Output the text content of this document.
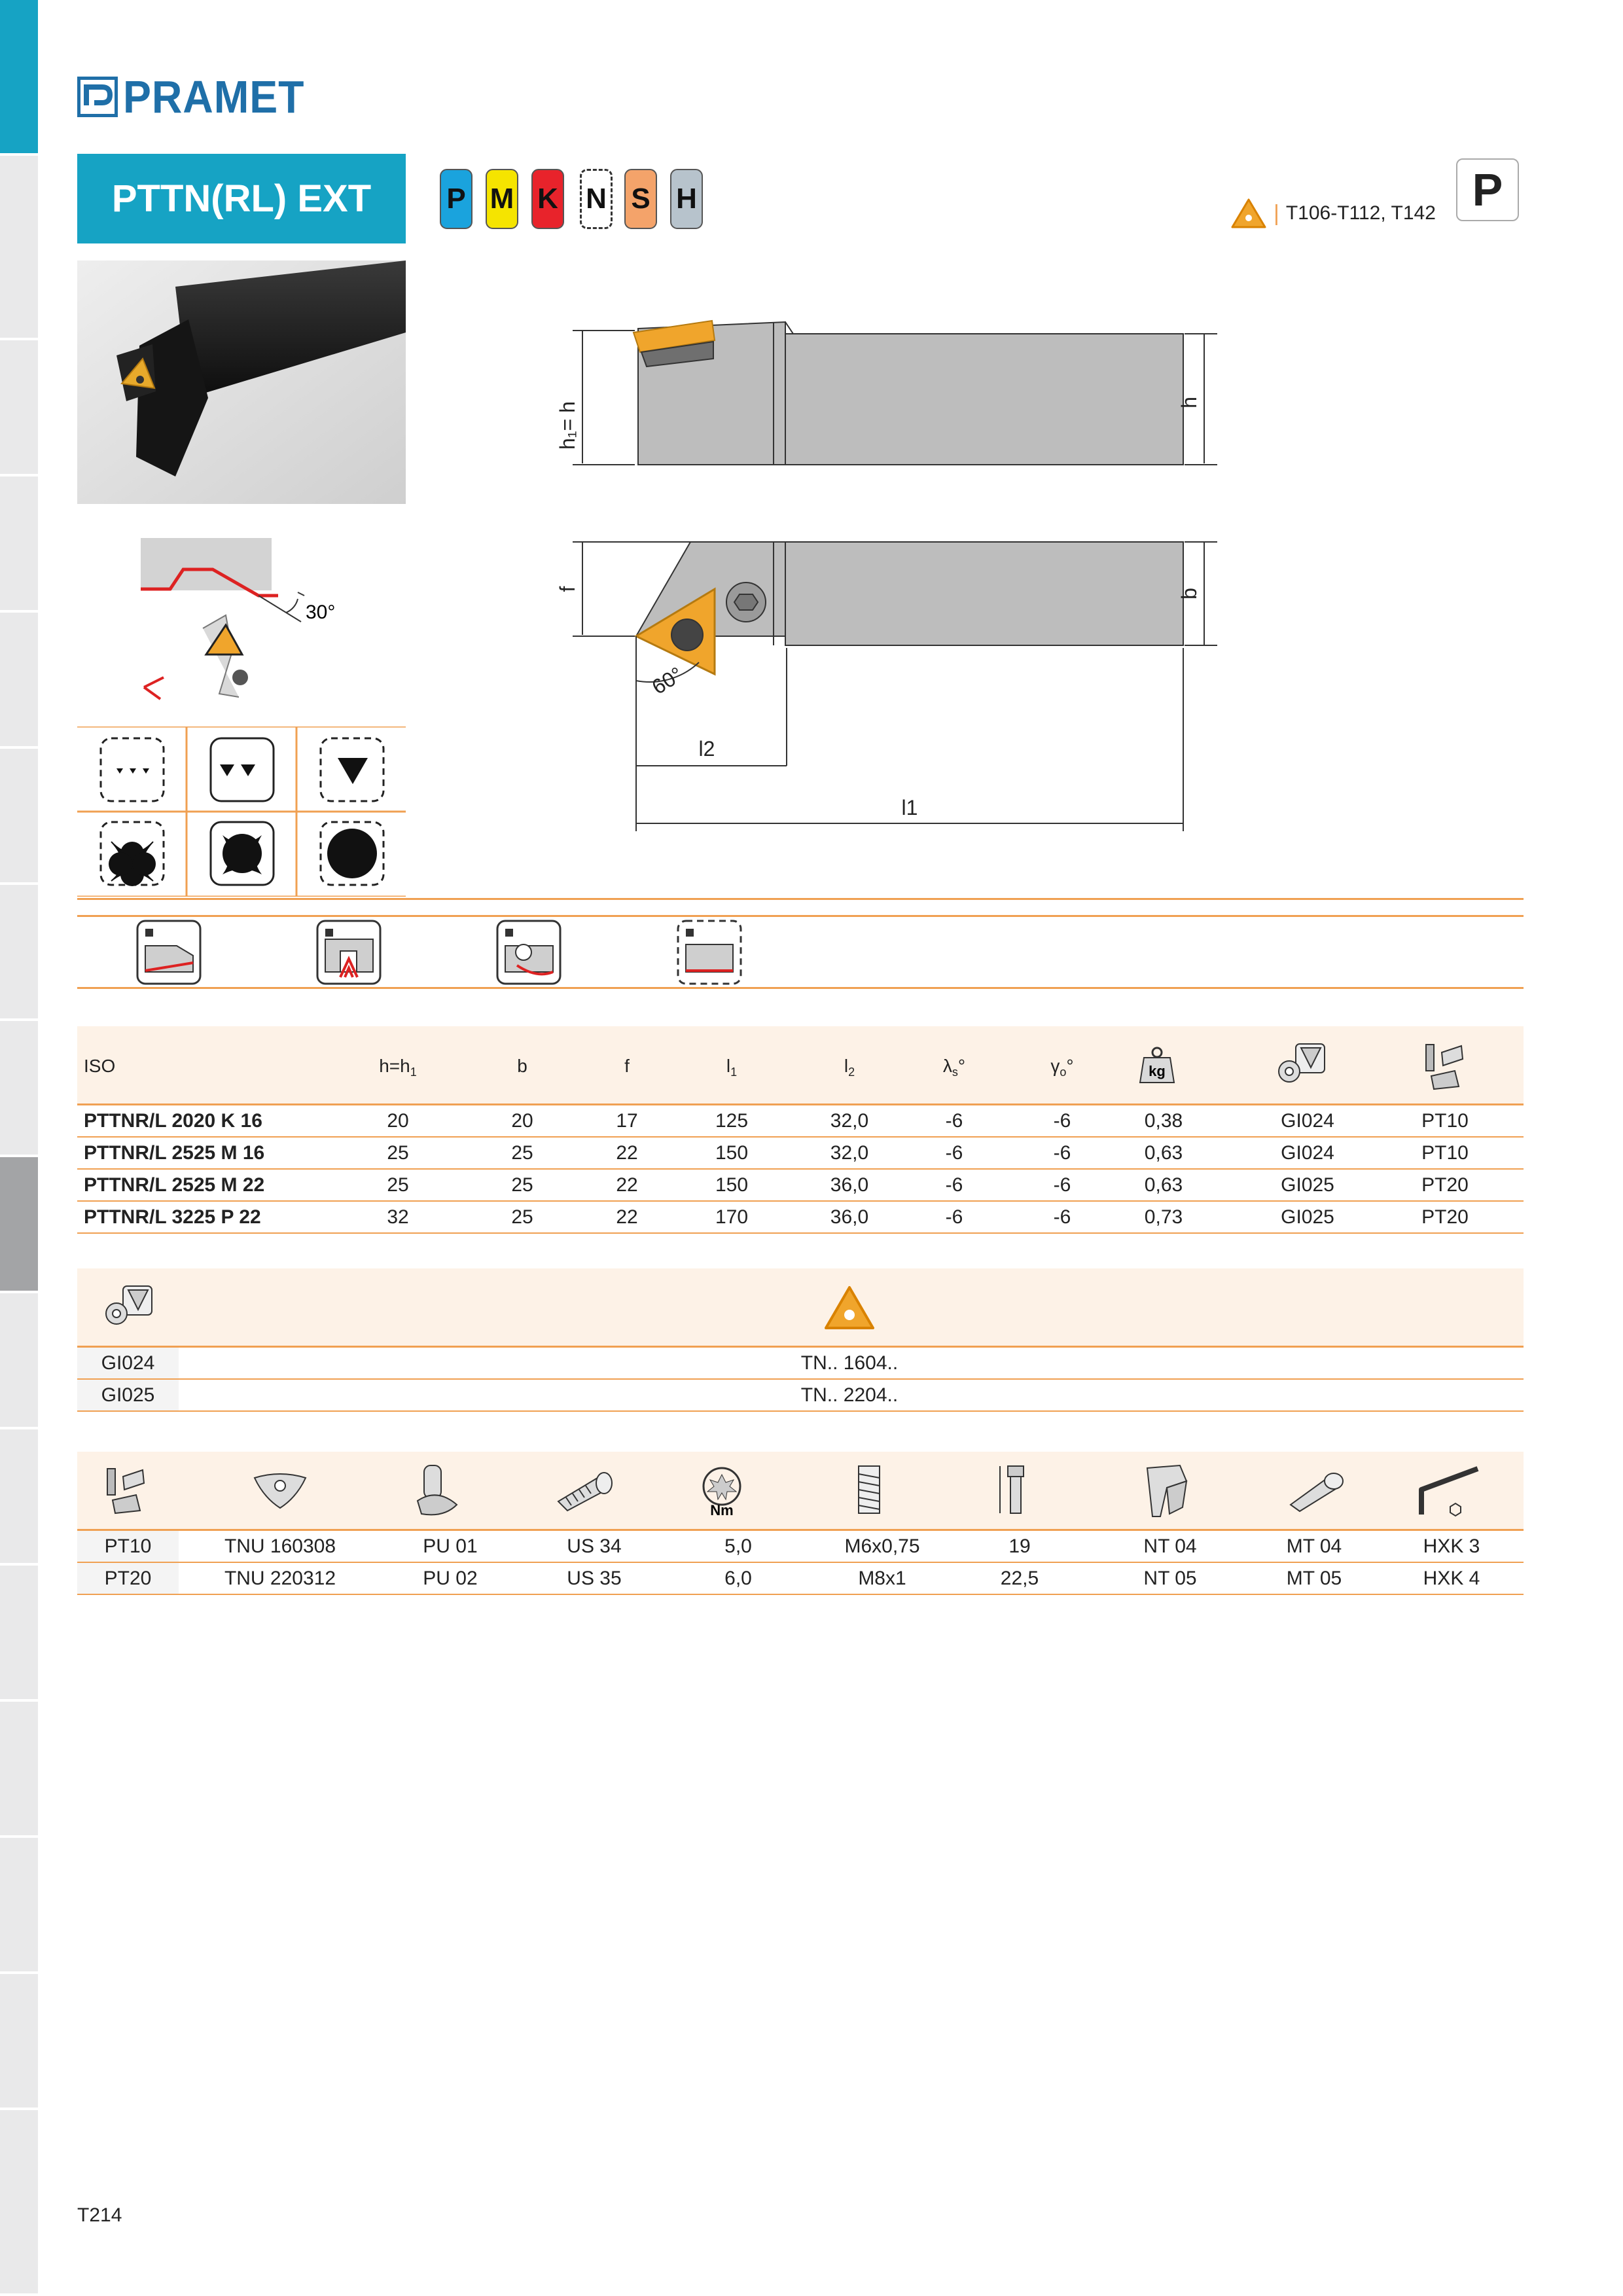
PRAMET
PTTN(RL) EXT	P M K N S H	| T106-T112, T142 P
h₁= h	h
f	b
60°
l2
l1
30°
ISO	$h=h_1$	b	f	$l_1$	$l_2$	$\lambda_s^\circ$	$\gamma_o^\circ$	kg
PTTNR/L 2020 K 16	20	20	17	125	32,0	-6	-6	0,38	GI024	PT10
PTTNR/L 2525 M 16	25	25	22	150	32,0	-6	-6	0,63	GI024	PT10
PTTNR/L 2525 M 22	25	25	22	150	36,0	-6	-6	0,63	GI025	PT20
PTTNR/L 3225 P 22	32	25	22	170	36,0	-6	-6	0,73	GI025	PT20
GI024	TN.. 1604..
GI025	TN.. 2204..
Nm
PT10	TNU 160308	PU 01	US 34	5,0	M6x0,75	19	NT 04	MT 04	HXK 3
PT20	TNU 220312	PU 02	US 35	6,0	M8x1	22,5	NT 05	MT 05	HXK 4
T214
